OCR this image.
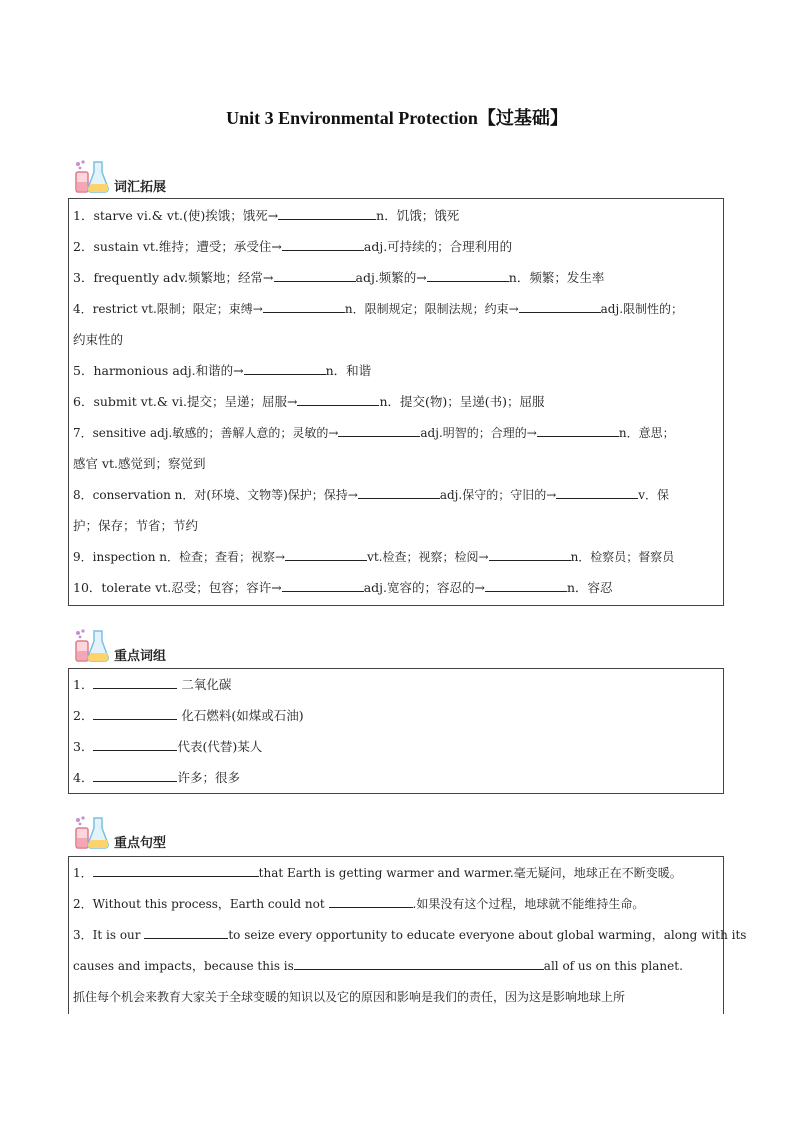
Unit 3 Environmental Protection【过基础】
词汇拓展
1．starve vi.& vt.(使)挨饿；饿死→	n．饥饿；饿死
2．sustain vt.维持；遭受；承受住→	adj.可持续的；合理利用的
3．frequently adv.频繁地；经常→	adj.频繁的→	n．频繁；发生率
4．restrict vt.限制；限定；束缚→	n．限制规定；限制法规；约束→	adj.限制性的；
约束性的
5．harmonious adj.和谐的→	n．和谐
6．submit vt.& vi.提交；呈递；屈服→	n．提交(物)；呈递(书)；屈服
7．sensitive adj.敏感的；善解人意的；灵敏的→	adj.明智的；合理的→	n．意思；
感官 vt.感觉到；察觉到
8．conservation n．对(环境、文物等)保护；保持→	adj.保守的；守旧的→	v．保
护；保存；节省；节约
9．inspection n．检查；查看；视察→	vt.检查；视察；检阅→	n．检察员；督察员
10．tolerate vt.忍受；包容；容许→	adj.宽容的；容忍的→	n．容忍
重点词组
1．	二氧化碳
2．	化石燃料(如煤或石油)
3．	代表(代替)某人
4．	许多；很多
重点句型
1．	that Earth is getting warmer and warmer.毫无疑问，地球正在不断变暖。
2．Without this process，Earth could not	.如果没有这个过程，地球就不能维持生命。
3．It is our	to seize every opportunity to educate everyone about global warming，along with its
causes and impacts，because this is	all of us on this planet.
抓住每个机会来教育大家关于全球变暖的知识以及它的原因和影响是我们的责任，因为这是影响地球上所
